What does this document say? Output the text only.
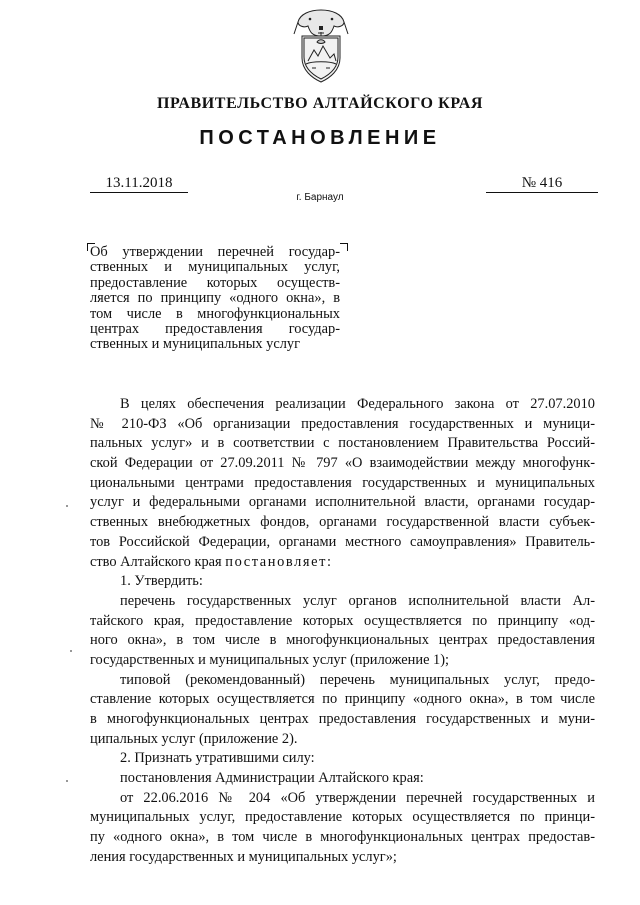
ПРАВИТЕЛЬСТВО АЛТАЙСКОГО КРАЯ
ПОСТАНОВЛЕНИЕ
13.11.2018	№ 416
г. Барнаул
Об утверждении перечней государ-
ственных и муниципальных услуг,
предоставление которых осуществ-
ляется по принципу «одного окна», в
том числе в многофункциональных
центрах предоставления государ-
ственных и муниципальных услуг
В целях обеспечения реализации Федерального закона от 27.07.2010
№ 210-ФЗ «Об организации предоставления государственных и муници-
пальных услуг» и в соответствии с постановлением Правительства Россий-
ской Федерации от 27.09.2011 № 797 «О взаимодействии между многофунк-
циональными центрами предоставления государственных и муниципальных
услуг и федеральными органами исполнительной власти, органами государ-
ственных внебюджетных фондов, органами государственной власти субъек-
тов Российской Федерации, органами местного самоуправления» Правитель-
ство Алтайского края постановляет:
1. Утвердить:
перечень государственных услуг органов исполнительной власти Ал-
тайского края, предоставление которых осуществляется по принципу «од-
ного окна», в том числе в многофункциональных центрах предоставления
государственных и муниципальных услуг (приложение 1);
типовой (рекомендованный) перечень муниципальных услуг, предо-
ставление которых осуществляется по принципу «одного окна», в том числе
в многофункциональных центрах предоставления государственных и муни-
ципальных услуг (приложение 2).
2. Признать утратившими силу:
постановления Администрации Алтайского края:
от 22.06.2016 № 204 «Об утверждении перечней государственных и
муниципальных услуг, предоставление которых осуществляется по принци-
пу «одного окна», в том числе в многофункциональных центрах предостав-
ления государственных и муниципальных услуг»;
